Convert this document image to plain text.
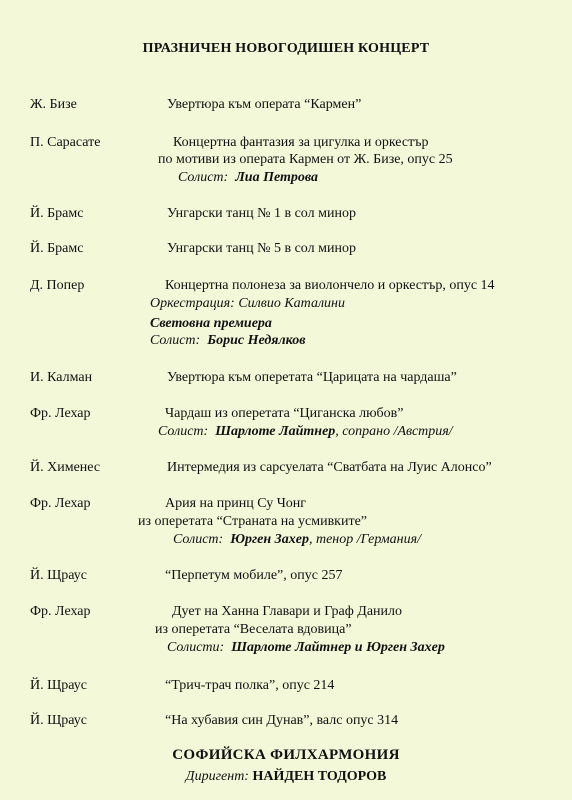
ПРАЗНИЧЕН НОВОГОДИШЕН КОНЦЕРТ
Ж. Бизе	Увертюра към операта “Кармен”
П. Сарасате	Концертна фантазия за цигулка и оркестър
по мотиви из операта Кармен от Ж. Бизе, опус 25
Солист: Лиа Петрова
Й. Брамс	Унгарски танц № 1 в сол минор
Й. Брамс	Унгарски танц № 5 в сол минор
Д. Попер	Концертна полонеза за виолончело и оркестър, опус 14
Оркестрация: Силвио Каталини
Световна премиера
Солист: Борис Недялков
И. Калман	Увертюра към оперетата “Царицата на чардаша”
Фр. Лехар	Чардаш из оперетата “Циганска любов”
Солист: Шарлоте Лайтнер, сопрано /Австрия/
Й. Хименес	Интермедия из сарсуелата “Сватбата на Луис Алонсо”
Фр. Лехар	Ария на принц Су Чонг
из оперетата “Страната на усмивките”
Солист: Юрген Захер, тенор /Германия/
Й. Щраус	“Перпетум мобиле”, опус 257
Фр. Лехар	Дует на Ханна Главари и Граф Данило
из оперетата “Веселата вдовица”
Солисти: Шарлоте Лайтнер и Юрген Захер
Й. Щраус	“Трич-трач полка”, опус 214
Й. Щраус	“На хубавия син Дунав”, валс опус 314
СОФИЙСКА ФИЛХАРМОНИЯ
Диригент: НАЙДЕН ТОДОРОВ
